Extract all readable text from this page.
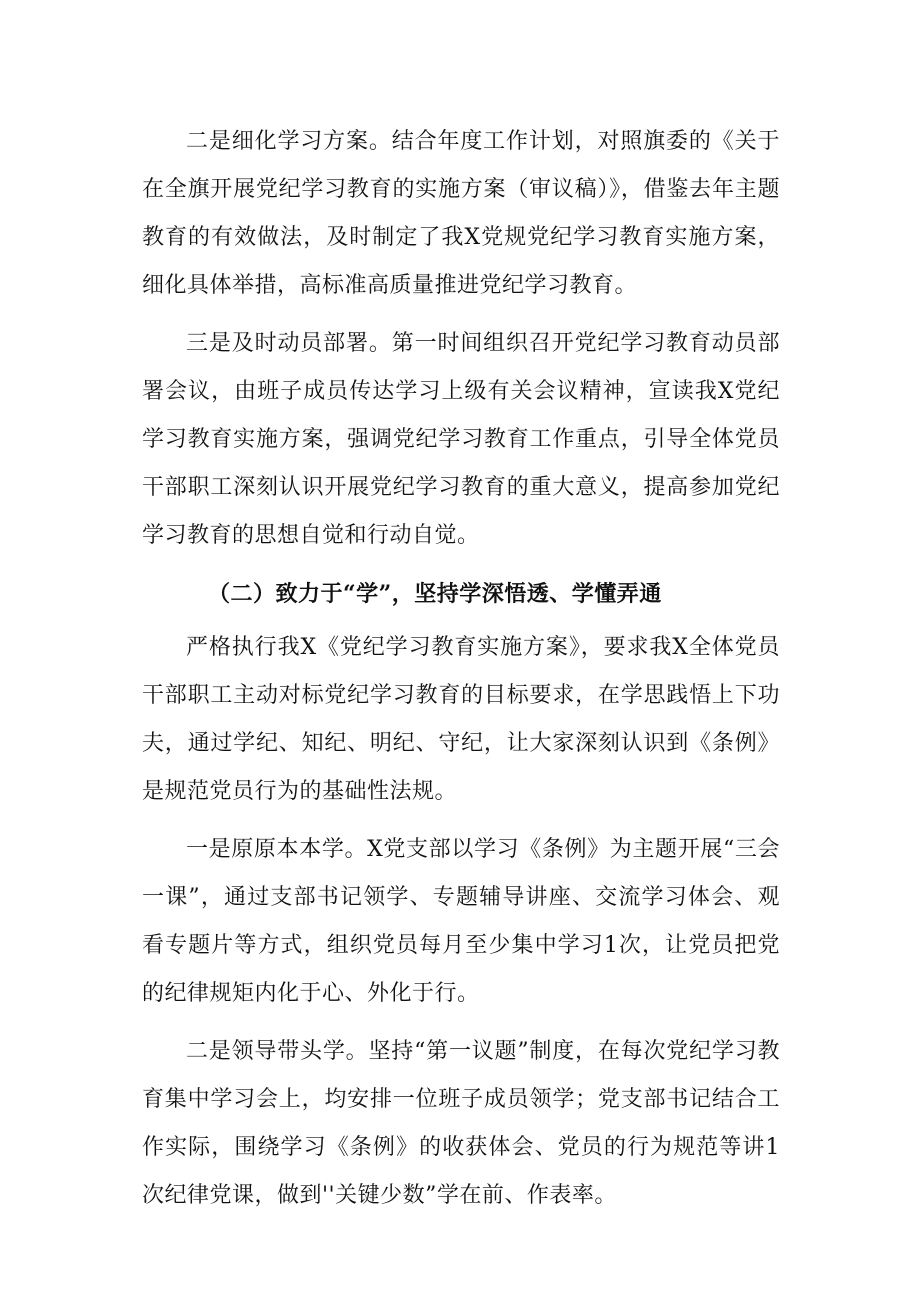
二是细化学习方案。结合年度工作计划，对照旗委的《关于在全旗开展党纪学习教育的实施方案（审议稿）》，借鉴去年主题教育的有效做法，及时制定了我X党规党纪学习教育实施方案，细化具体举措，高标准高质量推进党纪学习教育。

三是及时动员部署。第一时间组织召开党纪学习教育动员部署会议，由班子成员传达学习上级有关会议精神，宣读我X党纪学习教育实施方案，强调党纪学习教育工作重点，引导全体党员干部职工深刻认识开展党纪学习教育的重大意义，提高参加党纪学习教育的思想自觉和行动自觉。

（二）致力于“学”，坚持学深悟透、学懂弄通

严格执行我X《党纪学习教育实施方案》，要求我X全体党员干部职工主动对标党纪学习教育的目标要求，在学思践悟上下功夫，通过学纪、知纪、明纪、守纪，让大家深刻认识到《条例》是规范党员行为的基础性法规。

一是原原本本学。X党支部以学习《条例》为主题开展“三会一课”，通过支部书记领学、专题辅导讲座、交流学习体会、观看专题片等方式，组织党员每月至少集中学习1次，让党员把党的纪律规矩内化于心、外化于行。

二是领导带头学。坚持“第一议题”制度，在每次党纪学习教育集中学习会上，均安排一位班子成员领学；党支部书记结合工作实际，围绕学习《条例》的收获体会、党员的行为规范等讲1次纪律党课，做到''关键少数”学在前、作表率。
